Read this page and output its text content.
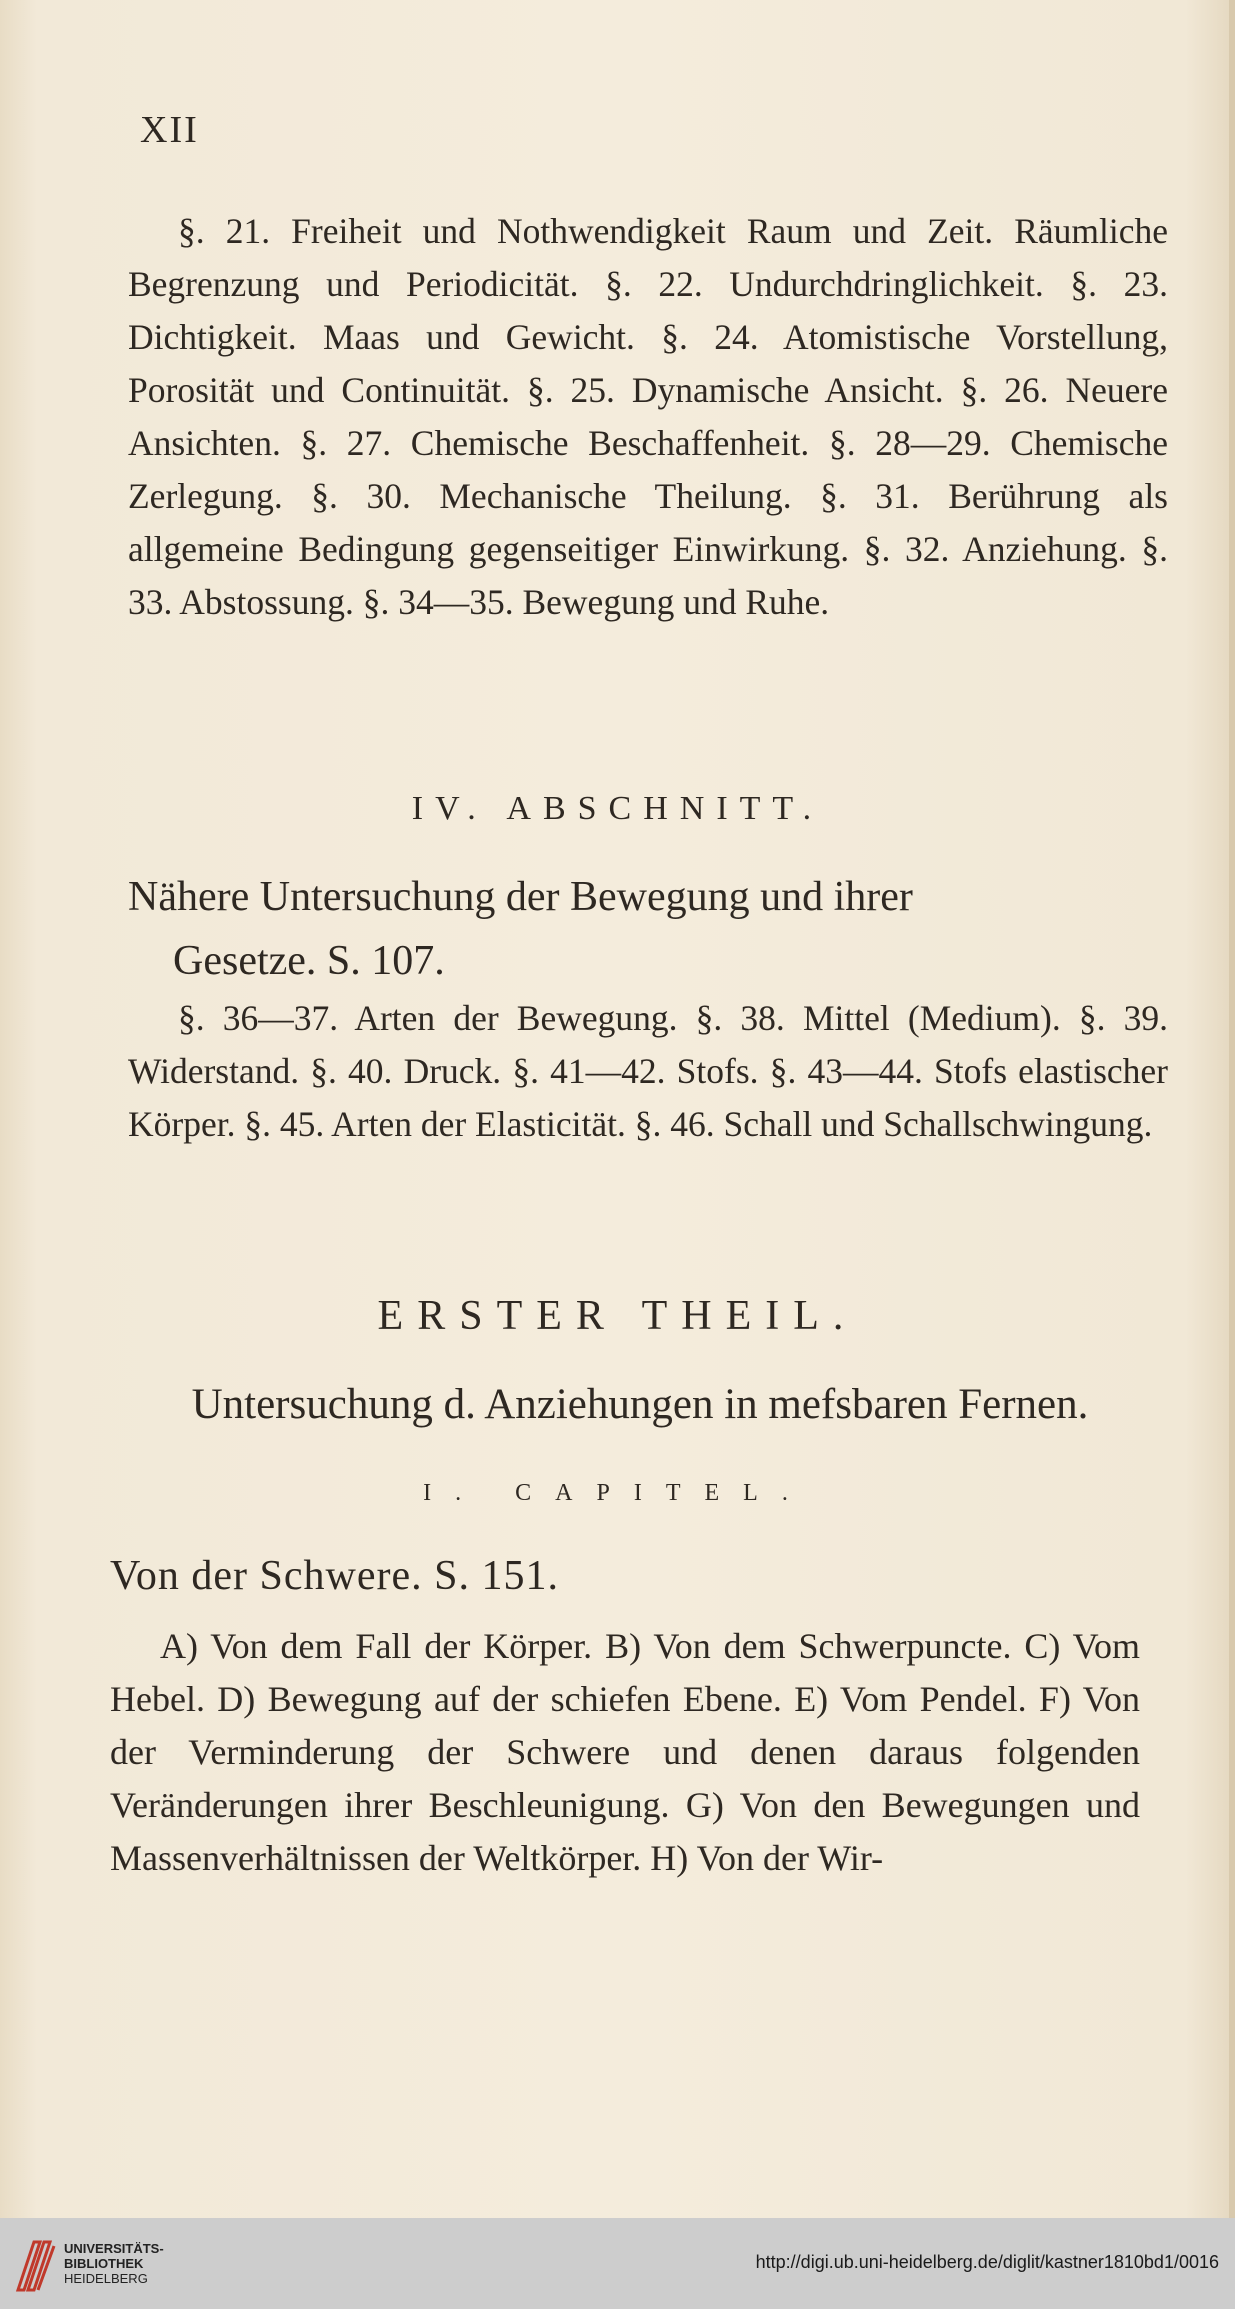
XII
§. 21. Freiheit und Nothwendigkeit Raum und Zeit. Räumliche Begrenzung und Periodicität. §. 22. Undurchdringlichkeit. §. 23. Dichtigkeit. Maas und Gewicht. §. 24. Atomistische Vorstellung, Porosität und Continuität. §. 25. Dynamische Ansicht. §. 26. Neuere Ansichten. §. 27. Chemische Beschaffenheit. §. 28—29. Chemische Zerlegung. §. 30. Mechanische Theilung. §. 31. Berührung als allgemeine Bedingung gegenseitiger Einwirkung. §. 32. Anziehung. §. 33. Abstossung. §. 34—35. Bewegung und Ruhe.
IV. ABSCHNITT.
Nähere Untersuchung der Bewegung und ihrer
Gesetze. S. 107.
§. 36—37. Arten der Bewegung. §. 38. Mittel (Medium). §. 39. Widerstand. §. 40. Druck. §. 41—42. Stofs. §. 43—44. Stofs elastischer Körper. §. 45. Arten der Elasticität. §. 46. Schall und Schallschwingung.
ERSTER THEIL.
Untersuchung d. Anziehungen in mefsbaren Fernen.
I. CAPITEL.
Von der Schwere. S. 151.
A) Von dem Fall der Körper. B) Von dem Schwerpuncte. C) Vom Hebel. D) Bewegung auf der schiefen Ebene. E) Vom Pendel. F) Von der Verminderung der Schwere und denen daraus folgenden Veränderungen ihrer Beschleunigung. G) Von den Bewegungen und Massenverhältnissen der Weltkörper. H) Von der Wir-
UNIVERSITÄTS-
BIBLIOTHEK
HEIDELBERG
http://digi.ub.uni-heidelberg.de/diglit/kastner1810bd1/0016
